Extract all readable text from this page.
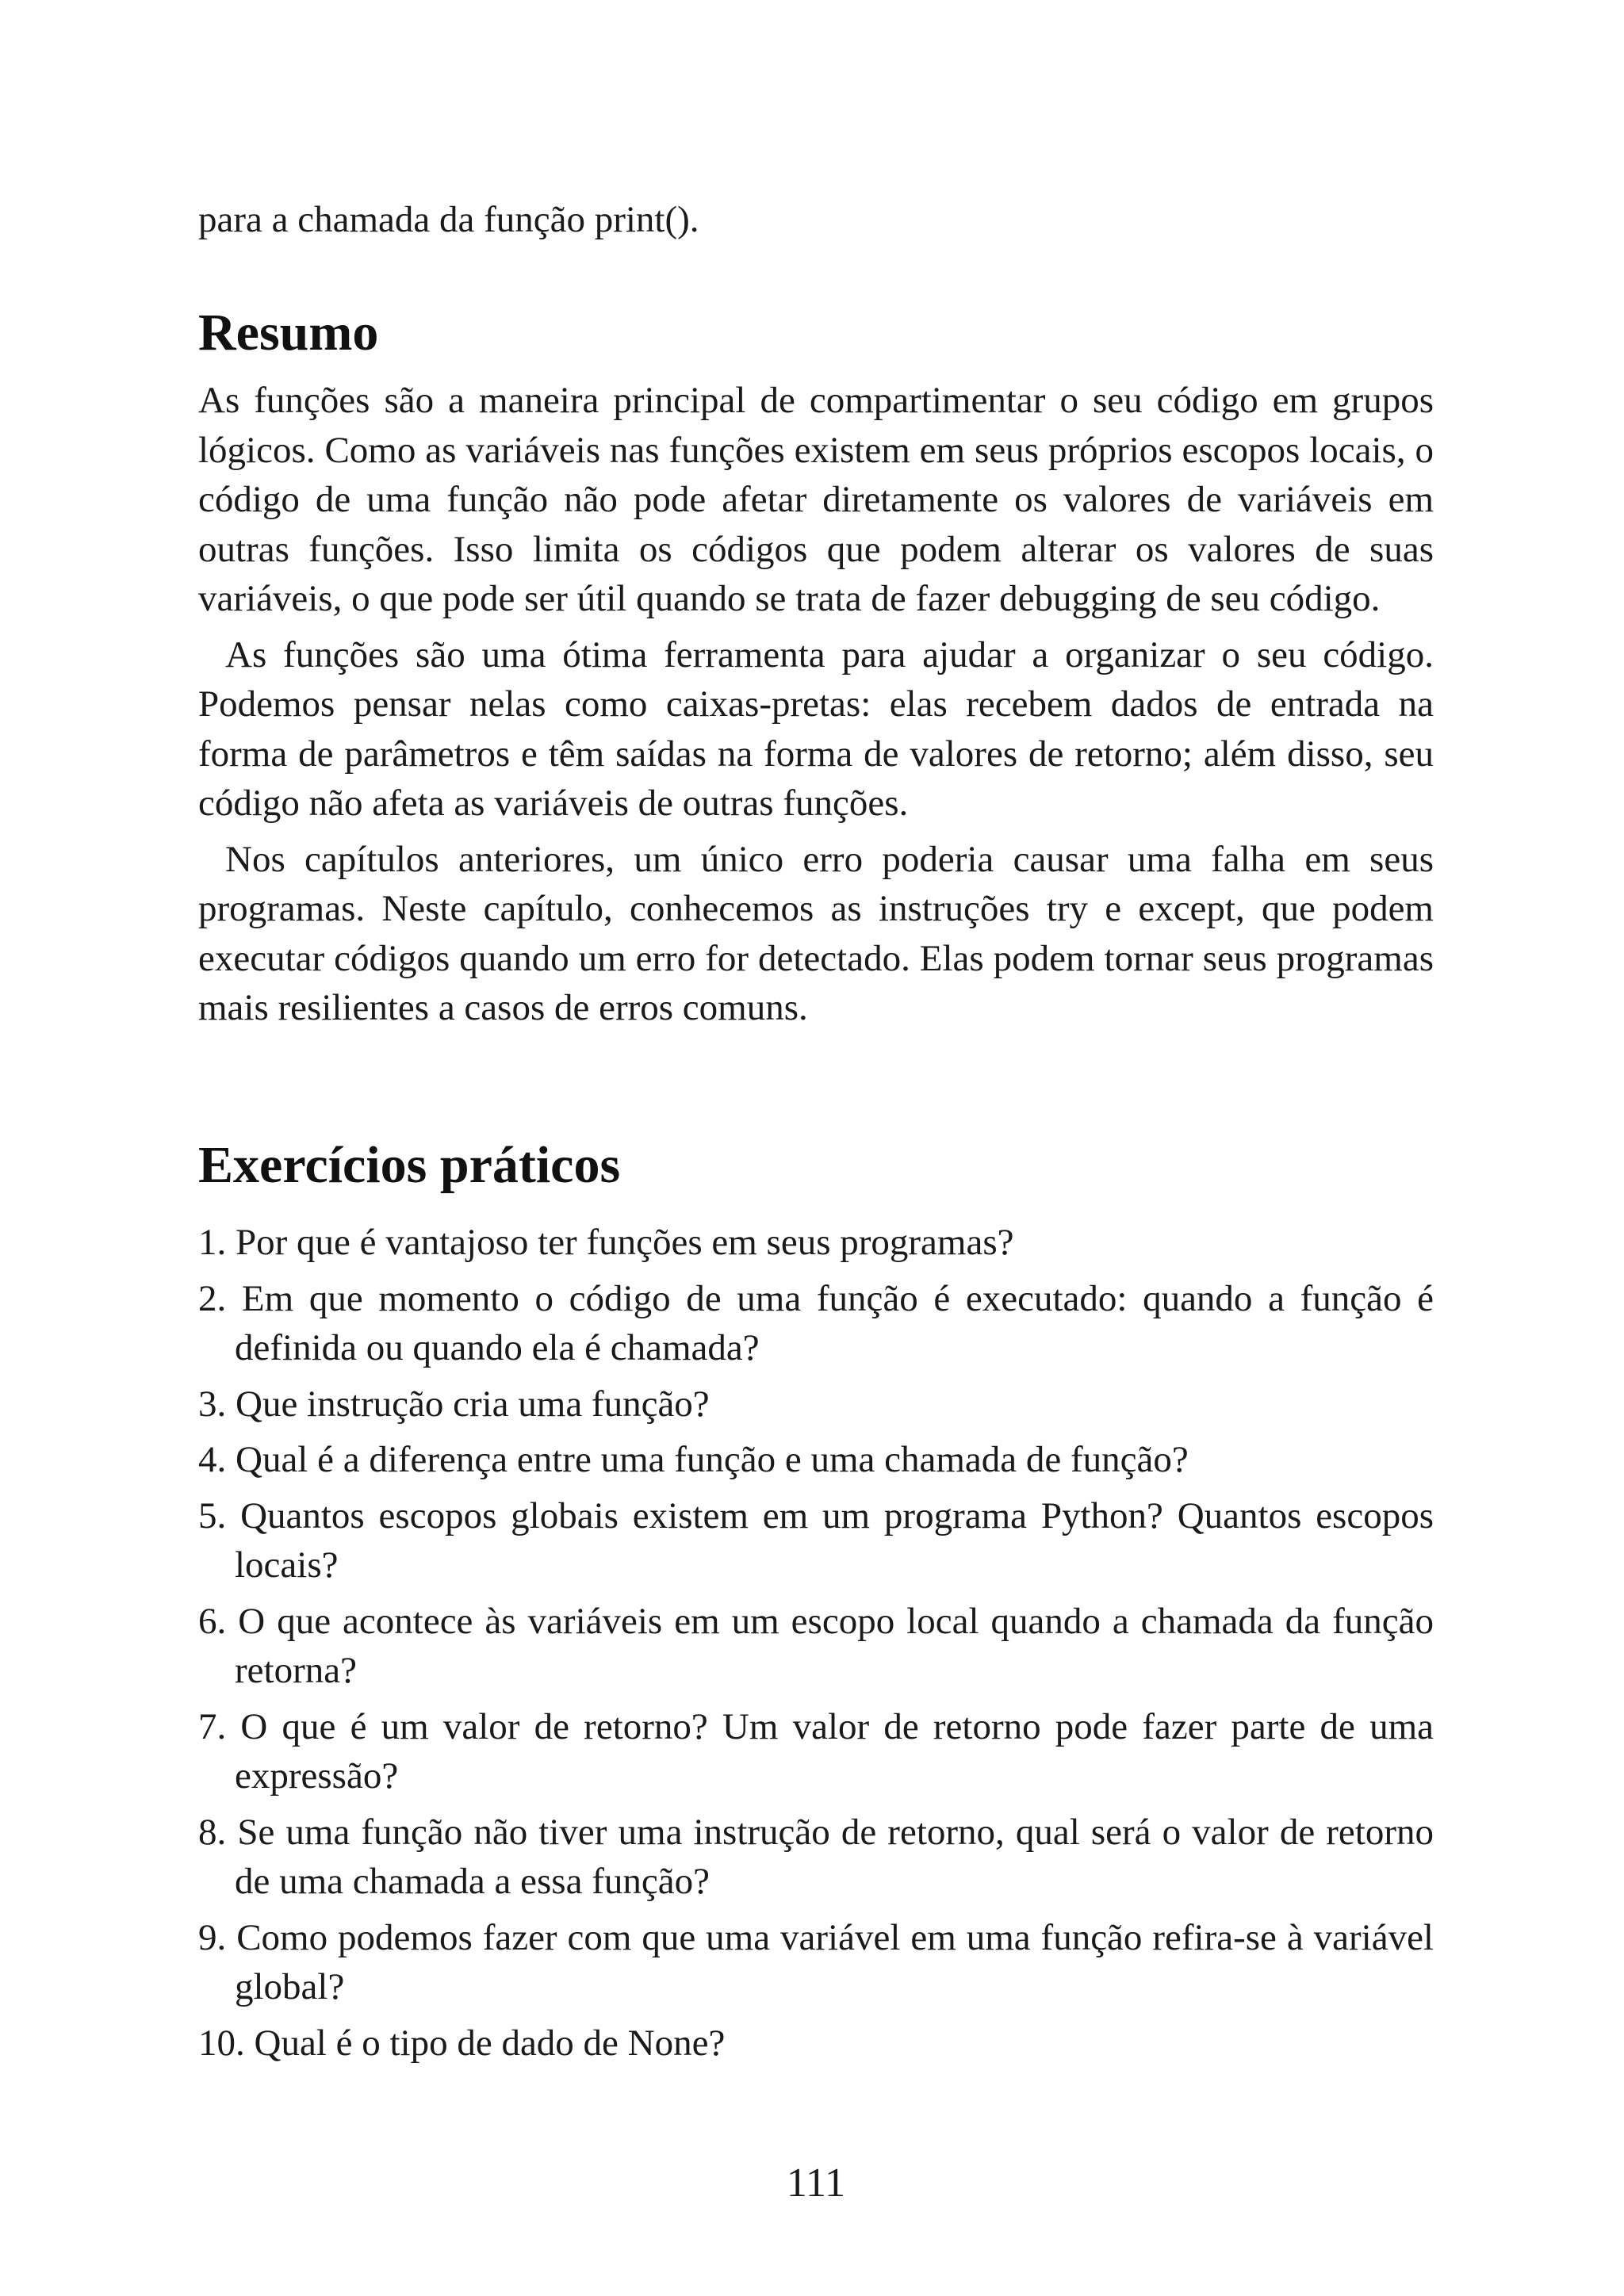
para a chamada da função print().

Resumo

As funções são a maneira principal de compartimentar o seu código em grupos lógicos. Como as variáveis nas funções existem em seus próprios escopos locais, o código de uma função não pode afetar diretamente os valores de variáveis em outras funções. Isso limita os códigos que podem alterar os valores de suas variáveis, o que pode ser útil quando se trata de fazer debugging de seu código.

As funções são uma ótima ferramenta para ajudar a organizar o seu código. Podemos pensar nelas como caixas-pretas: elas recebem dados de entrada na forma de parâmetros e têm saídas na forma de valores de retorno; além disso, seu código não afeta as variáveis de outras funções.

Nos capítulos anteriores, um único erro poderia causar uma falha em seus programas. Neste capítulo, conhecemos as instruções try e except, que podem executar códigos quando um erro for detectado. Elas podem tornar seus programas mais resilientes a casos de erros comuns.

Exercícios práticos
1. Por que é vantajoso ter funções em seus programas?
2. Em que momento o código de uma função é executado: quando a função é definida ou quando ela é chamada?
3. Que instrução cria uma função?
4. Qual é a diferença entre uma função e uma chamada de função?
5. Quantos escopos globais existem em um programa Python? Quantos escopos locais?
6. O que acontece às variáveis em um escopo local quando a chamada da função retorna?
7. O que é um valor de retorno? Um valor de retorno pode fazer parte de uma expressão?
8. Se uma função não tiver uma instrução de retorno, qual será o valor de retorno de uma chamada a essa função?
9. Como podemos fazer com que uma variável em uma função refira-se à variável global?
10. Qual é o tipo de dado de None?

111
